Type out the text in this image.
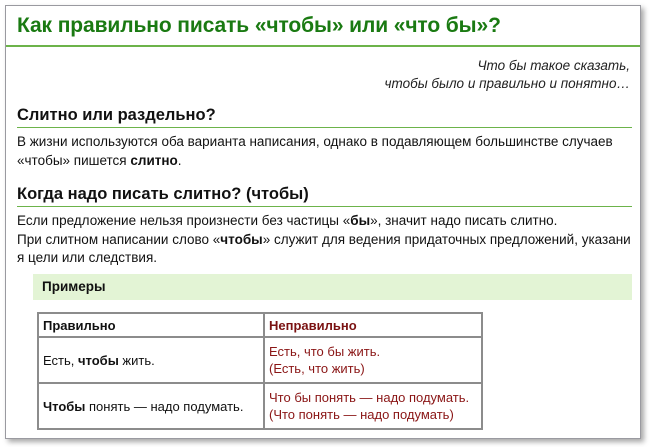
Как правильно писать «чтобы» или «что бы»?
Что бы такое сказать,
чтобы было и правильно и понятно…
Слитно или раздельно?
В жизни используются оба варианта написания, однако в подавляющем большинстве случаев «чтобы» пишется слитно.
Когда надо писать слитно? (чтобы)
Если предложение нельзя произнести без частицы «бы», значит надо писать слитно.
При слитном написании слово «чтобы» служит для ведения придаточных предложений, указани я цели или следствия.
Примеры
Правильно	Неправильно
Есть, чтобы жить.	Есть, что бы жить.
(Есть, что жить)

Чтобы понять — надо подумать.	Что бы понять — надо подумать.
(Что понять — надо подумать)
